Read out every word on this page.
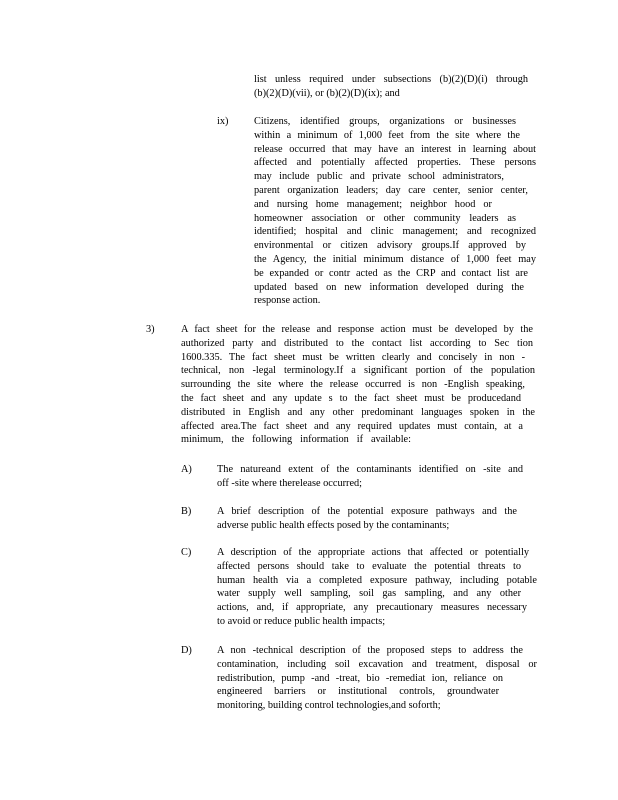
list unless required under subsections (b)(2)(D)(i) through
(b)(2)(D)(vii), or (b)(2)(D)(ix); and
ix) Citizens, identified groups, organizations or businesses
within a minimum of 1,000 feet from the site where the
release occurred that may have an interest in learning about
affected and potentially affected properties. These persons
may include public and private school administrators,
parent organization leaders; day care center, senior center,
and nursing home management; neighbor hood or
homeowner association or other community leaders as
identified; hospital and clinic management; and recognized
environmental or citizen advisory groups.If approved by
the Agency, the initial minimum distance of 1,000 feet may
be expanded or contr acted as the CRP and contact list are
updated based on new information developed during the
response action.
3)	A fact sheet for the release and response action must be developed by the
authorized party and distributed to the contact list according to Sec tion
1600.335. The fact sheet must be written clearly and concisely in non -
technical, non -legal terminology.If a significant portion of the population
surrounding the site where the release occurred is non -English speaking,
the fact sheet and any update s to the fact sheet must be producedand
distributed in English and any other predominant languages spoken in the
affected area.The fact sheet and any required updates must contain, at a
minimum, the following information if available:
A) The natureand extent of the contaminants identified on -site and
off -site where therelease occurred;
B) A brief description of the potential exposure pathways and the
adverse public health effects posed by the contaminants;
C) A description of the appropriate actions that affected or potentially
affected persons should take to evaluate the potential threats to
human health via a completed exposure pathway, including potable
water supply well sampling, soil gas sampling, and any other
actions, and, if appropriate, any precautionary measures necessary
to avoid or reduce public health impacts;
D) A non -technical description of the proposed steps to address the
contamination, including soil excavation and treatment, disposal or
redistribution, pump -and -treat, bio -remediat ion, reliance on
engineered barriers or institutional controls, groundwater
monitoring, building control technologies,and soforth;
